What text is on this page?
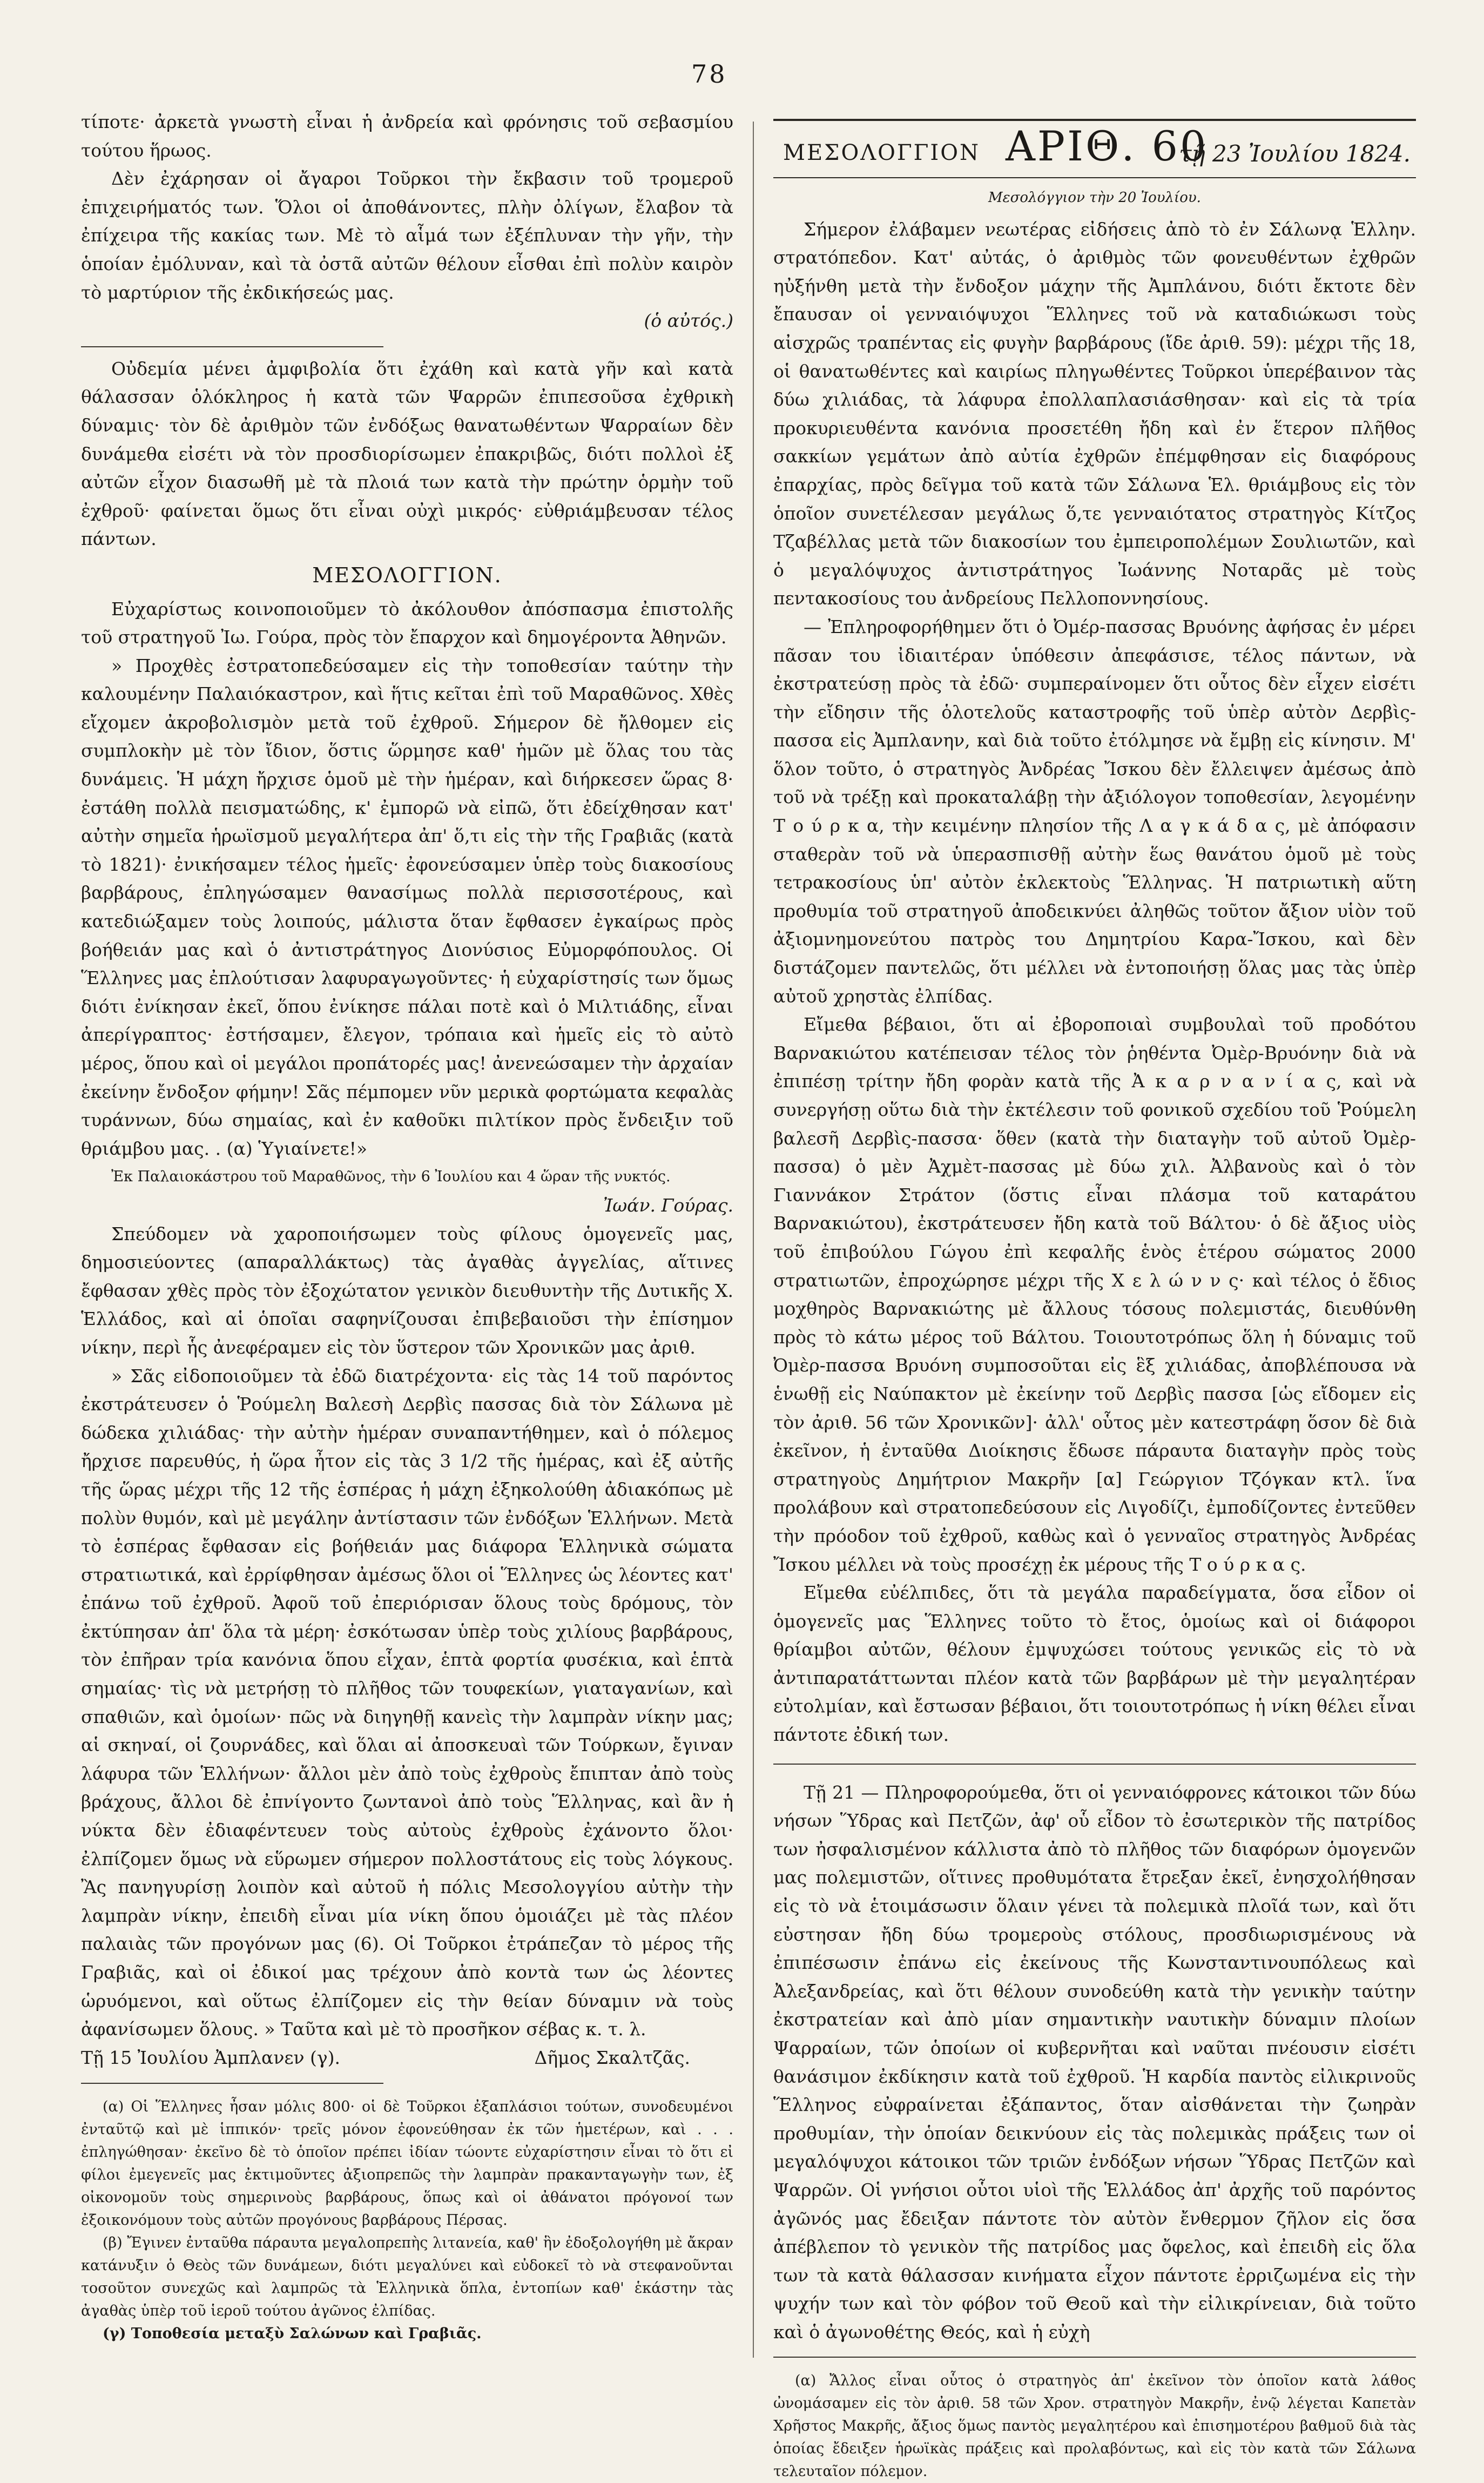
78

τίποτε· ἀρκετὰ γνωστὴ εἶναι ἡ ἀνδρεία καὶ φρόνησις τοῦ σεβασμίου τούτου ἥρωος.

Δὲν ἐχάρησαν οἱ ἄγαροι Τοῦρκοι τὴν ἔκβασιν τοῦ τρομεροῦ ἐπιχειρήματός των. Ὅλοι οἱ ἀποθάνοντες, πλὴν ὀλίγων, ἔλαβον τὰ ἐπίχειρα τῆς κακίας των. Μὲ τὸ αἷμά των ἐξέπλυναν τὴν γῆν, τὴν ὁποίαν ἐμόλυναν, καὶ τὰ ὀστᾶ αὐτῶν θέλουν εἶσθαι ἐπὶ πολὺν καιρὸν τὸ μαρτύριον τῆς ἐκδικήσεώς μας.

(ὁ αὐτός.)

Οὐδεμία μένει ἀμφιβολία ὅτι ἐχάθη καὶ κατὰ γῆν καὶ κατὰ θάλασσαν ὁλόκληρος ἡ κατὰ τῶν Ψαρρῶν ἐπιπεσοῦσα ἐχθρικὴ δύναμις· τὸν δὲ ἀριθμὸν τῶν ἐνδόξως θανατωθέντων Ψαρραίων δὲν δυνάμεθα εἰσέτι νὰ τὸν προσδιορίσωμεν ἐπακριβῶς, διότι πολλοὶ ἐξ αὐτῶν εἶχον διασωθῆ μὲ τὰ πλοιά των κατὰ τὴν πρώτην ὁρμὴν τοῦ ἐχθροῦ· φαίνεται ὅμως ὅτι εἶναι οὐχὶ μικρός· εὐθριάμβευσαν τέλος πάντων.

ΜΕΣΟΛΟΓΓΙΟΝ.

Εὐχαρίστως κοινοποιοῦμεν τὸ ἀκόλουθον ἀπόσπασμα ἐπιστολῆς τοῦ στρατηγοῦ Ἰω. Γούρα, πρὸς τὸν ἔπαρχον καὶ δημογέροντα Ἀθηνῶν.

» Προχθὲς ἐστρατοπεδεύσαμεν εἰς τὴν τοποθεσίαν ταύτην τὴν καλουμένην Παλαιόκαστρον, καὶ ἥτις κεῖται ἐπὶ τοῦ Μαραθῶνος. Χθὲς εἴχομεν ἀκροβολισμὸν μετὰ τοῦ ἐχθροῦ. Σήμερον δὲ ἤλθομεν εἰς συμπλοκὴν μὲ τὸν ἴδιον, ὅστις ὥρμησε καθ' ἡμῶν μὲ ὅλας του τὰς δυνάμεις. Ἡ μάχη ἤρχισε ὁμοῦ μὲ τὴν ἡμέραν, καὶ διήρκεσεν ὥρας 8· ἐστάθη πολλὰ πεισματώδης, κ' ἐμπορῶ νὰ εἰπῶ, ὅτι ἐδείχθησαν κατ' αὐτὴν σημεῖα ἡρωϊσμοῦ μεγαλήτερα ἀπ' ὅ,τι εἰς τὴν τῆς Γραβιᾶς (κατὰ τὸ 1821)· ἐνικήσαμεν τέλος ἡμεῖς· ἐφονεύσαμεν ὑπὲρ τοὺς διακοσίους βαρβάρους, ἐπληγώσαμεν θανασίμως πολλὰ περισσοτέρους, καὶ κατεδιώξαμεν τοὺς λοιπούς, μάλιστα ὅταν ἔφθασεν ἐγκαίρως πρὸς βοήθειάν μας καὶ ὁ ἀντιστράτηγος Διονύσιος Εὐμορφόπουλος. Οἱ Ἕλληνες μας ἐπλούτισαν λαφυραγωγοῦντες· ἡ εὐχαρίστησίς των ὅμως διότι ἐνίκησαν ἐκεῖ, ὅπου ἐνίκησε πάλαι ποτὲ καὶ ὁ Μιλτιάδης, εἶναι ἀπερίγραπτος· ἐστήσαμεν, ἔλεγον, τρόπαια καὶ ἡμεῖς εἰς τὸ αὐτὸ μέρος, ὅπου καὶ οἱ μεγάλοι προπάτορές μας! ἀνενεώσαμεν τὴν ἀρχαίαν ἐκείνην ἔνδοξον φήμην! Σᾶς πέμπομεν νῦν μερικὰ φορτώματα κεφαλὰς τυράννων, δύω σημαίας, καὶ ἐν καθοῦκι πιλτίκον πρὸς ἔνδειξιν τοῦ θριάμβου μας. . (α) Ὑγιαίνετε!»

Ἐκ Παλαιοκάστρου τοῦ Μαραθῶνος, τὴν 6 Ἰουλίου και 4 ὥραν τῆς νυκτός.

Ἰωάν. Γούρας.

Σπεύδομεν νὰ χαροποιήσωμεν τοὺς φίλους ὁμογενεῖς μας, δημοσιεύοντες (απαραλλάκτως) τὰς ἀγαθὰς ἀγγελίας, αἵτινες ἔφθασαν χθὲς πρὸς τὸν ἐξοχώτατον γενικὸν διευθυντὴν τῆς Δυτικῆς Χ. Ἑλλάδος, καὶ αἱ ὁποῖαι σαφηνίζουσαι ἐπιβεβαιοῦσι τὴν ἐπίσημον νίκην, περὶ ἧς ἀνεφέραμεν εἰς τὸν ὕστερον τῶν Χρονικῶν μας ἀριθ.

» Σᾶς εἰδοποιοῦμεν τὰ ἐδῶ διατρέχοντα· εἰς τὰς 14 τοῦ παρόντος ἐκστράτευσεν ὁ Ῥούμελη Βαλεσὴ Δερβὶς πασσας διὰ τὸν Σάλωνα μὲ δώδεκα χιλιάδας· τὴν αὐτὴν ἡμέραν συναπαντήθημεν, καὶ ὁ πόλεμος ἤρχισε παρευθύς, ἡ ὥρα ἦτον εἰς τὰς 3 1/2 τῆς ἡμέρας, καὶ ἐξ αὐτῆς τῆς ὥρας μέχρι τῆς 12 τῆς ἑσπέρας ἡ μάχη ἐξηκολούθη ἀδιακόπως μὲ πολὺν θυμόν, καὶ μὲ μεγάλην ἀντίστασιν τῶν ἐνδόξων Ἑλλήνων. Μετὰ τὸ ἑσπέρας ἔφθασαν εἰς βοήθειάν μας διάφορα Ἑλληνικὰ σώματα στρατιωτικά, καὶ ἐρρίφθησαν ἀμέσως ὅλοι οἱ Ἕλληνες ὡς λέοντες κατ' ἐπάνω τοῦ ἐχθροῦ. Ἀφοῦ τοῦ ἐπεριόρισαν ὅλους τοὺς δρόμους, τὸν ἐκτύπησαν ἀπ' ὅλα τὰ μέρη· ἐσκότωσαν ὑπὲρ τοὺς χιλίους βαρβάρους, τὸν ἐπῆραν τρία κανόνια ὅπου εἶχαν, ἑπτὰ φορτία φυσέκια, καὶ ἑπτὰ σημαίας· τὶς νὰ μετρήσῃ τὸ πλῆθος τῶν τουφεκίων, γιαταγανίων, καὶ σπαθιῶν, καὶ ὁμοίων· πῶς νὰ διηγηθῇ κανεὶς τὴν λαμπρὰν νίκην μας; αἱ σκηναί, οἱ ζουρνάδες, καὶ ὅλαι αἱ ἀποσκευαὶ τῶν Τούρκων, ἔγιναν λάφυρα τῶν Ἑλλήνων· ἄλλοι μὲν ἀπὸ τοὺς ἐχθροὺς ἔπιπταν ἀπὸ τοὺς βράχους, ἄλλοι δὲ ἐπνίγοντο ζωντανοὶ ἀπὸ τοὺς Ἕλληνας, καὶ ἂν ἡ νύκτα δὲν ἐδιαφέντευεν τοὺς αὐτοὺς ἐχθροὺς ἐχάνοντο ὅλοι· ἐλπίζομεν ὅμως νὰ εὕρωμεν σήμερον πολλοστάτους εἰς τοὺς λόγκους. Ἂς πανηγυρίσῃ λοιπὸν καὶ αὐτοῦ ἡ πόλις Μεσολογγίου αὐτὴν τὴν λαμπρὰν νίκην, ἐπειδὴ εἶναι μία νίκη ὅπου ὁμοιάζει μὲ τὰς πλέον παλαιὰς τῶν προγόνων μας (6). Οἱ Τοῦρκοι ἐτράπεζαν τὸ μέρος τῆς Γραβιᾶς, καὶ οἱ ἐδικοί μας τρέχουν ἀπὸ κοντὰ των ὡς λέοντες ὡρυόμενοι, καὶ οὕτως ἐλπίζομεν εἰς τὴν θείαν δύναμιν νὰ τοὺς ἀφανίσωμεν ὅλους. » Ταῦτα καὶ μὲ τὸ προσῆκον σέβας κ. τ. λ.

Τῇ 15 Ἰουλίου Ἀμπλανεν (γ).	Δῆμος Σκαλτζᾶς.

(α) Οἱ Ἕλληνες ἦσαν μόλις 800· οἱ δὲ Τοῦρκοι ἐξαπλάσιοι τούτων, συνοδευμένοι ἐνταῦτῷ καὶ μὲ ἱππικόν· τρεῖς μόνον ἐφονεύθησαν ἐκ τῶν ἡμετέρων, καὶ . . . ἐπληγώθησαν· ἐκεῖνο δὲ τὸ ὁποῖον πρέπει ἰδίαν τώοντε εὐχαρίστησιν εἶναι τὸ ὅτι εἰ φίλοι ἐμεγενεῖς μας ἐκτιμοῦντες ἀξιοπρεπῶς τὴν λαμπρὰν πρακανταγωγὴν των, ἐξ οἰκονομοῦν τοὺς σημερινοὺς βαρβάρους, ὅπως καὶ οἱ ἀθάνατοι πρόγονοί των ἐξοικονόμουν τοὺς αὐτῶν προγόνους βαρβάρους Πέρσας.

(β) Ἔγινεν ἐνταῦθα πάραυτα μεγαλοπρεπὴς λιτανεία, καθ' ἣν ἐδοξολογήθη μὲ ἄκραν κατάνυξιν ὁ Θεὸς τῶν δυνάμεων, διότι μεγαλύνει καὶ εὐδοκεῖ τὸ νὰ στεφανοῦνται τοσοῦτον συνεχῶς καὶ λαμπρῶς τὰ Ἑλληνικὰ ὅπλα, ἐντοπίων καθ' ἑκάστην τὰς ἀγαθὰς ὑπὲρ τοῦ ἱεροῦ τούτου ἀγῶνος ἐλπίδας.

(γ) Τοποθεσία μεταξὺ Σαλώνων καὶ Γραβιᾶς.

ΜΕΣΟΛΟΓΓΙΟΝ ΑΡΙΘ. 60
τῇ 23 Ἰουλίου 1824.
Μεσολόγγιον τὴν 20 Ἰουλίου.

Σήμερον ἐλάβαμεν νεωτέρας εἰδήσεις ἀπὸ τὸ ἐν Σάλωνᾳ Ἑλλην. στρατόπεδον. Κατ' αὐτάς, ὁ ἀριθμὸς τῶν φονευθέντων ἐχθρῶν ηὐξήνθη μετὰ τὴν ἔνδοξον μάχην τῆς Ἀμπλάνου, διότι ἔκτοτε δὲν ἔπαυσαν οἱ γενναιόψυχοι Ἕλληνες τοῦ νὰ καταδιώκωσι τοὺς αἰσχρῶς τραπέντας εἰς φυγὴν βαρβάρους (ἴδε ἀριθ. 59): μέχρι τῆς 18, οἱ θανατωθέντες καὶ καιρίως πληγωθέντες Τοῦρκοι ὑπερέβαινον τὰς δύω χιλιάδας, τὰ λάφυρα ἐπολλαπλασιάσθησαν· καὶ εἰς τὰ τρία προκυριευθέντα κανόνια προσετέθη ἤδη καὶ ἐν ἕτερον πλῆθος σακκίων γεμάτων ἀπὸ αὐτία ἐχθρῶν ἐπέμφθησαν εἰς διαφόρους ἐπαρχίας, πρὸς δεῖγμα τοῦ κατὰ τῶν Σάλωνα Ἑλ. θριάμβους εἰς τὸν ὁποῖον συνετέλεσαν μεγάλως ὅ,τε γενναιότατος στρατηγὸς Κίτζος Τζαβέλλας μετὰ τῶν διακοσίων του ἐμπειροπολέμων Σουλιωτῶν, καὶ ὁ μεγαλόψυχος ἀντιστράτηγος Ἰωάννης Νοταρᾶς μὲ τοὺς πεντακοσίους του ἀνδρείους Πελλοποννησίους.

— Ἐπληροφορήθημεν ὅτι ὁ Ὀμέρ-πασσας Βρυόνης ἀφήσας ἐν μέρει πᾶσαν του ἰδιαιτέραν ὑπόθεσιν ἀπεφάσισε, τέλος πάντων, νὰ ἐκστρατεύσῃ πρὸς τὰ ἐδῶ· συμπεραίνομεν ὅτι οὗτος δὲν εἶχεν εἰσέτι τὴν εἴδησιν τῆς ὁλοτελοῦς καταστροφῆς τοῦ ὑπὲρ αὐτὸν Δερβὶς-πασσα εἰς Ἀμπλανην, καὶ διὰ τοῦτο ἐτόλμησε νὰ ἔμβῃ εἰς κίνησιν. Μ' ὅλον τοῦτο, ὁ στρατηγὸς Ἀνδρέας Ἴσκου δὲν ἔλλειψεν ἀμέσως ἀπὸ τοῦ νὰ τρέξῃ καὶ προκαταλάβῃ τὴν ἀξιόλογον τοποθεσίαν, λεγομένην Τ ο ύ ρ κ α, τὴν κειμένην πλησίον τῆς Λ α γ κ ά δ α ς, μὲ ἀπόφασιν σταθερὰν τοῦ νὰ ὑπερασπισθῇ αὐτὴν ἕως θανάτου ὁμοῦ μὲ τοὺς τετρακοσίους ὑπ' αὐτὸν ἐκλεκτοὺς Ἕλληνας. Ἡ πατριωτικὴ αὕτη προθυμία τοῦ στρατηγοῦ ἀποδεικνύει ἀληθῶς τοῦτον ἄξιον υἱὸν τοῦ ἀξιομνημονεύτου πατρὸς του Δημητρίου Καρα-Ἴσκου, καὶ δὲν διστάζομεν παντελῶς, ὅτι μέλλει νὰ ἐντοποιήσῃ ὅλας μας τὰς ὑπὲρ αὐτοῦ χρηστὰς ἐλπίδας.

Εἴμεθα βέβαιοι, ὅτι αἱ ἐβοροποιαὶ συμβουλαὶ τοῦ προδότου Βαρνακιώτου κατέπεισαν τέλος τὸν ῥηθέντα Ὀμὲρ-Βρυόνην διὰ νὰ ἐπιπέσῃ τρίτην ἤδη φορὰν κατὰ τῆς Ἀ κ α ρ ν α ν ί α ς, καὶ νὰ συνεργήσῃ οὕτω διὰ τὴν ἐκτέλεσιν τοῦ φονικοῦ σχεδίου τοῦ Ῥούμελη βαλεσῆ Δερβὶς-πασσα· ὅθεν (κατὰ τὴν διαταγὴν τοῦ αὐτοῦ Ὀμὲρ-πασσα) ὁ μὲν Ἀχμὲτ-πασσας μὲ δύω χιλ. Ἀλβανοὺς καὶ ὁ τὸν Γιαννάκον Στράτον (ὅστις εἶναι πλάσμα τοῦ καταράτου Βαρνακιώτου), ἐκστράτευσεν ἤδη κατὰ τοῦ Βάλτου· ὁ δὲ ἄξιος υἱὸς τοῦ ἐπιβούλου Γώγου ἐπὶ κεφαλῆς ἑνὸς ἑτέρου σώματος 2000 στρατιωτῶν, ἐπροχώρησε μέχρι τῆς Χ ε λ ώ ν ν ς· καὶ τέλος ὁ ἔδιος μοχθηρὸς Βαρνακιώτης μὲ ἄλλους τόσους πολεμιστάς, διευθύνθη πρὸς τὸ κάτω μέρος τοῦ Βάλτου. Τοιουτοτρόπως ὅλη ἡ δύναμις τοῦ Ὀμὲρ-πασσα Βρυόνη συμποσοῦται εἰς ἓξ χιλιάδας, ἀποβλέπουσα νὰ ἑνωθῇ εἰς Ναύπακτον μὲ ἐκείνην τοῦ Δερβὶς πασσα [ὡς εἴδομεν εἰς τὸν ἀριθ. 56 τῶν Χρονικῶν]· ἀλλ' οὗτος μὲν κατεστράφη ὅσον δὲ διὰ ἐκεῖνον, ἡ ἐνταῦθα Διοίκησις ἔδωσε πάραυτα διαταγὴν πρὸς τοὺς στρατηγοὺς Δημήτριον Μακρῆν [α] Γεώργιον Τζόγκαν κτλ. ἵνα προλάβουν καὶ στρατοπεδεύσουν εἰς Λιγοδίζι, ἐμποδίζοντες ἐντεῦθεν τὴν πρόοδον τοῦ ἐχθροῦ, καθὼς καὶ ὁ γενναῖος στρατηγὸς Ἀνδρέας Ἴσκου μέλλει νὰ τοὺς προσέχῃ ἐκ μέρους τῆς Τ ο ύ ρ κ α ς.

Εἴμεθα εὐέλπιδες, ὅτι τὰ μεγάλα παραδείγματα, ὅσα εἶδον οἱ ὁμογενεῖς μας Ἕλληνες τοῦτο τὸ ἔτος, ὁμοίως καὶ οἱ διάφοροι θρίαμβοι αὐτῶν, θέλουν ἐμψυχώσει τούτους γενικῶς εἰς τὸ νὰ ἀντιπαρατάττωνται πλέον κατὰ τῶν βαρβάρων μὲ τὴν μεγαλητέραν εὐτολμίαν, καὶ ἔστωσαν βέβαιοι, ὅτι τοιουτοτρόπως ἡ νίκη θέλει εἶναι πάντοτε ἐδική των.

Τῇ 21 — Πληροφορούμεθα, ὅτι οἱ γενναιόφρονες κάτοικοι τῶν δύω νήσων Ὕδρας καὶ Πετζῶν, ἀφ' οὗ εἶδον τὸ ἐσωτερικὸν τῆς πατρίδος των ἠσφαλισμένον κάλλιστα ἀπὸ τὸ πλῆθος τῶν διαφόρων ὁμογενῶν μας πολεμιστῶν, οἵτινες προθυμότατα ἔτρεξαν ἐκεῖ, ἐνησχολήθησαν εἰς τὸ νὰ ἑτοιμάσωσιν ὅλαιν γένει τὰ πολεμικὰ πλοῖά των, καὶ ὅτι εὐστησαν ἤδη δύω τρομεροὺς στόλους, προσδιωρισμένους νὰ ἐπιπέσωσιν ἐπάνω εἰς ἐκείνους τῆς Κωνσταντινουπόλεως καὶ Ἀλεξανδρείας, καὶ ὅτι θέλουν συνοδεύθη κατὰ τὴν γενικὴν ταύτην ἐκστρατείαν καὶ ἀπὸ μίαν σημαντικὴν ναυτικὴν δύναμιν πλοίων Ψαρραίων, τῶν ὁποίων οἱ κυβερνῆται καὶ ναῦται πνέουσιν εἰσέτι θανάσιμον ἐκδίκησιν κατὰ τοῦ ἐχθροῦ. Ἡ καρδία παντὸς εἰλικρινοῦς Ἕλληνος εὐφραίνεται ἐξάπαντος, ὅταν αἰσθάνεται τὴν ζωηρὰν προθυμίαν, τὴν ὁποίαν δεικνύουν εἰς τὰς πολεμικὰς πράξεις των οἱ μεγαλόψυχοι κάτοικοι τῶν τριῶν ἐνδόξων νήσων Ὕδρας Πετζῶν καὶ Ψαρρῶν. Οἱ γνήσιοι οὗτοι υἱοὶ τῆς Ἑλλάδος ἀπ' ἀρχῆς τοῦ παρόντος ἀγῶνός μας ἔδειξαν πάντοτε τὸν αὐτὸν ἔνθερμον ζῆλον εἰς ὅσα ἀπέβλεπον τὸ γενικὸν τῆς πατρίδος μας ὄφελος, καὶ ἐπειδὴ εἰς ὅλα των τὰ κατὰ θάλασσαν κινήματα εἶχον πάντοτε ἐρριζωμένα εἰς τὴν ψυχήν των καὶ τὸν φόβον τοῦ Θεοῦ καὶ τὴν εἰλικρίνειαν, διὰ τοῦτο καὶ ὁ ἀγωνοθέτης Θεός, καὶ ἡ εὐχὴ

(α) Ἄλλος εἶναι οὗτος ὁ στρατηγὸς ἀπ' ἐκεῖνον τὸν ὁποῖον κατὰ λάθος ὠνομάσαμεν εἰς τὸν ἀριθ. 58 τῶν Χρον. στρατηγὸν Μακρῆν, ἐνῷ λέγεται Καπετὰν Χρῆστος Μακρῆς, ἄξιος ὅμως παντὸς μεγαλητέρου καὶ ἐπισημοτέρου βαθμοῦ διὰ τὰς ὁποίας ἔδειξεν ἡρωϊκὰς πράξεις καὶ προλαβόντως, καὶ εἰς τὸν κατὰ τῶν Σάλωνα τελευταῖον πόλεμον.
